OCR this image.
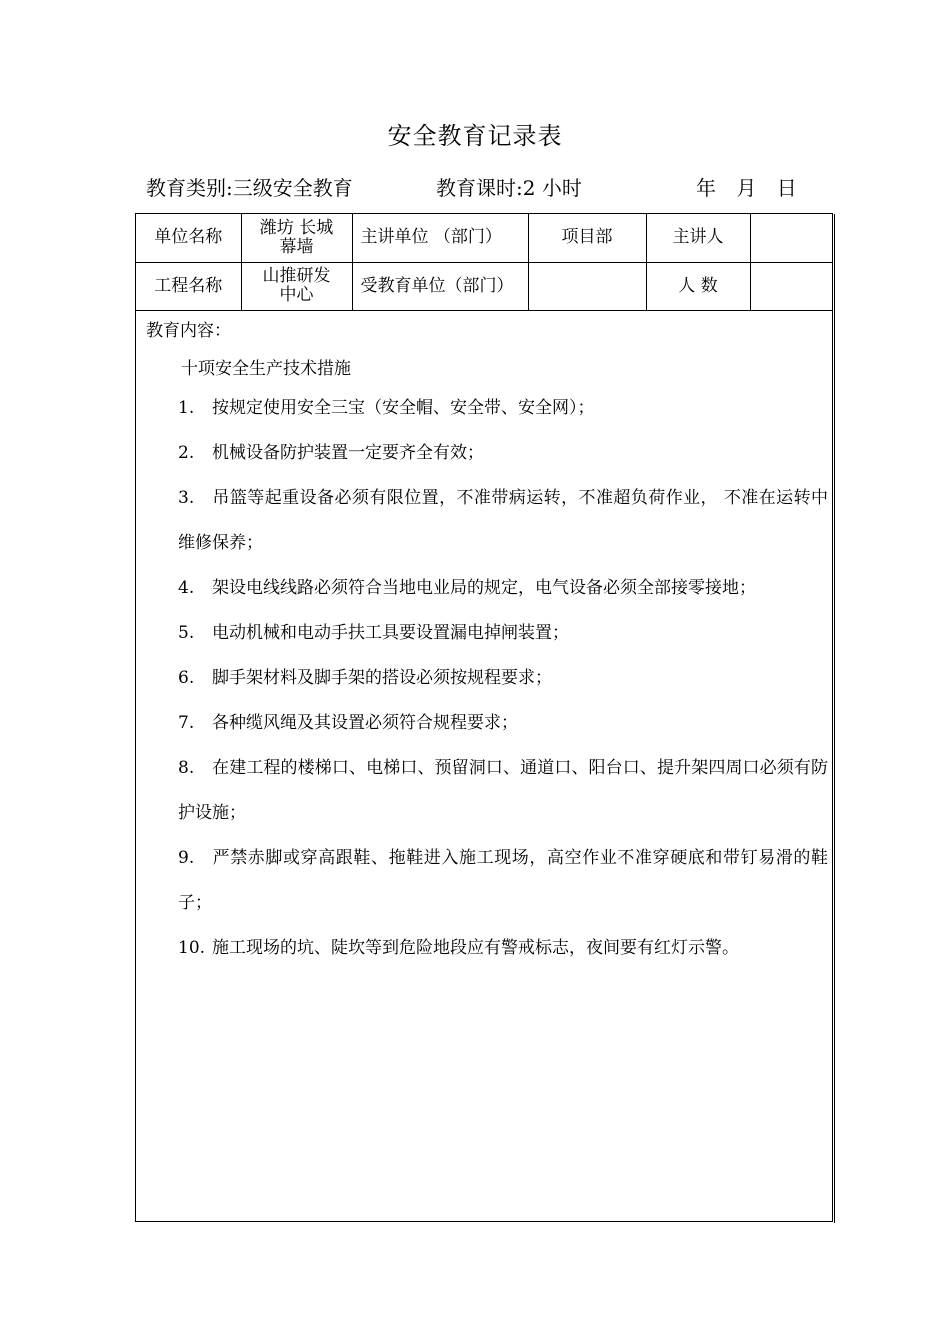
安全教育记录表
教育类别:三级安全教育	教育课时:2 小时	年 月 日
单位名称	潍坊 长城幕墙	主讲单位 （部门）	项目部	主讲人	
工程名称	山推研发中心	受教育单位（部门）		人 数	
教育内容：
十项安全生产技术措施
1. 按规定使用安全三宝（安全帽、安全带、安全网）；
2. 机械设备防护装置一定要齐全有效；
3. 吊篮等起重设备必须有限位置，不准带病运转，不准超负荷作业， 不准在运转中维修保养；
4. 架设电线线路必须符合当地电业局的规定，电气设备必须全部接零接地；
5. 电动机械和电动手扶工具要设置漏电掉闸装置；
6. 脚手架材料及脚手架的搭设必须按规程要求；
7. 各种缆风绳及其设置必须符合规程要求；
8. 在建工程的楼梯口、电梯口、预留洞口、通道口、阳台口、提升架四周口必须有防护设施；
9. 严禁赤脚或穿高跟鞋、拖鞋进入施工现场，高空作业不准穿硬底和带钉易滑的鞋子；
10. 施工现场的坑、陡坎等到危险地段应有警戒标志，夜间要有红灯示警。
